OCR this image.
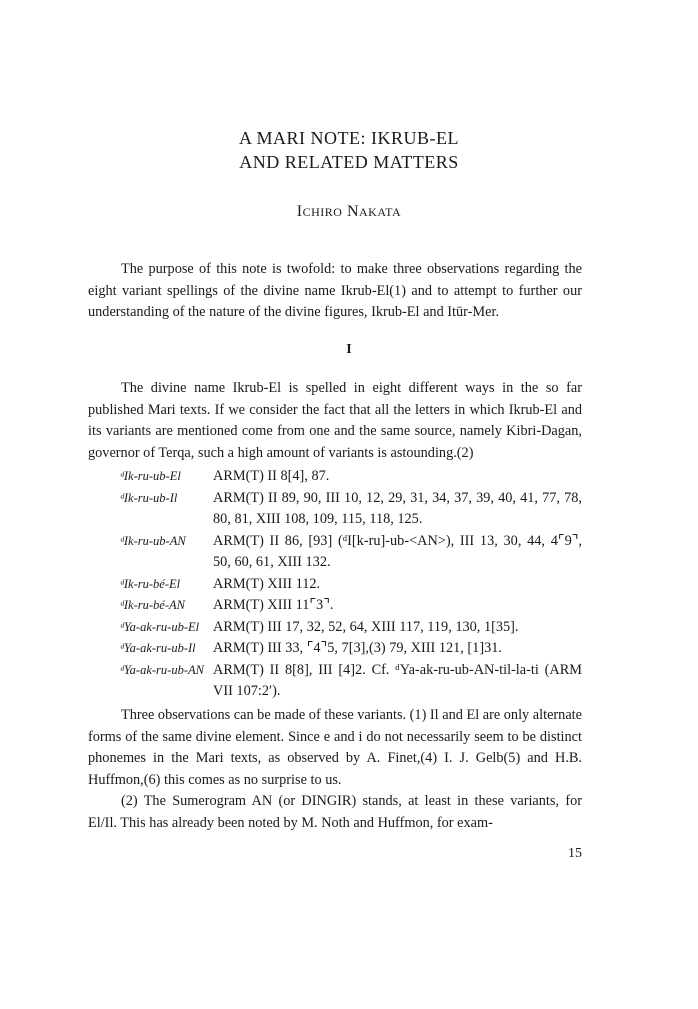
A MARI NOTE: IKRUB-EL
AND RELATED MATTERS
ICHIRO NAKATA

The purpose of this note is twofold: to make three observations regarding the eight variant spellings of the divine name Ikrub-El(1) and to attempt to further our understanding of the nature of the divine figures, Ikrub-El and Itūr-Mer.

I

The divine name Ikrub-El is spelled in eight different ways in the so far published Mari texts. If we consider the fact that all the letters in which Ikrub-El and its variants are mentioned come from one and the same source, namely Kibri-Dagan, governor of Terqa, such a high amount of variants is astounding.(2)

ᵈIk-ru-ub-El	ARM(T) II 8[4], 87.
ᵈIk-ru-ub-Il	ARM(T) II 89, 90, III 10, 12, 29, 31, 34, 37, 39, 40, 41, 77, 78, 80, 81, XIII 108, 109, 115, 118, 125.
ᵈIk-ru-ub-AN	ARM(T) II 86, [93] (ᵈI[k-ru]-ub-<AN>), III 13, 30, 44, 4⌜9⌝, 50, 60, 61, XIII 132.
ᵈIk-ru-bé-El	ARM(T) XIII 112.
ᵈIk-ru-bé-AN	ARM(T) XIII 11⌜3⌝.
ᵈYa-ak-ru-ub-El ARM(T) III 17, 32, 52, 64, XIII 117, 119, 130, 1[35].
ᵈYa-ak-ru-ub-Il	ARM(T) III 33, ⌜4⌝5, 7[3],(3) 79, XIII 121, [1]31.
ᵈYa-ak-ru-ub-AN ARM(T) II 8[8], III [4]2. Cf. ᵈYa-ak-ru-ub-AN-til-la-ti (ARM VII 107:2′).

Three observations can be made of these variants. (1) Il and El are only alternate forms of the same divine element. Since e and i do not necessarily seem to be distinct phonemes in the Mari texts, as observed by A. Finet,(4) I. J. Gelb(5) and H.B. Huffmon,(6) this comes as no surprise to us.

(2) The Sumerogram AN (or DINGIR) stands, at least in these variants, for El/Il. This has already been noted by M. Noth and Huffmon, for exam-

15
